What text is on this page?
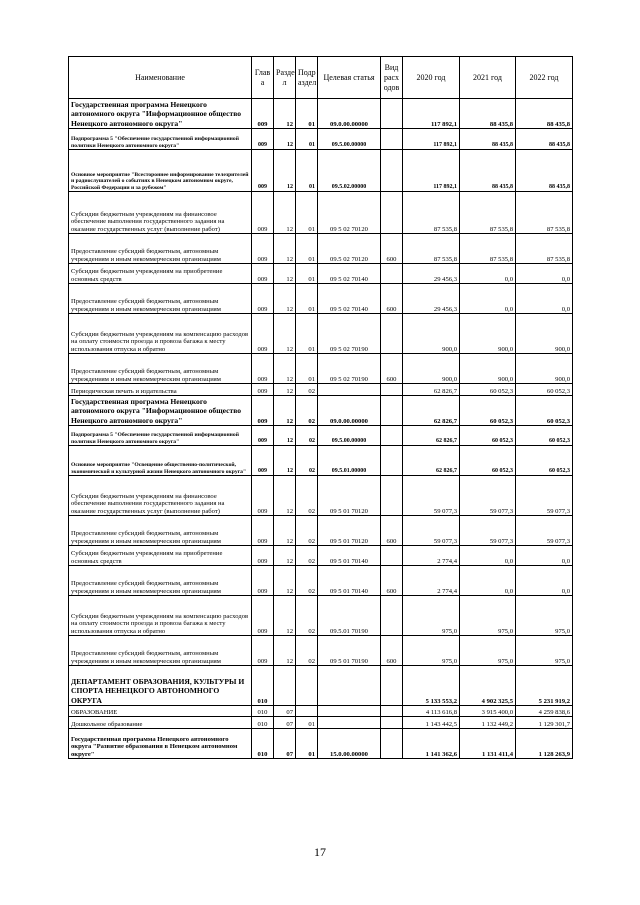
Наименование	Глав а	Разде л	Подр аздел	Целевая статья	Вид расх одов	2020 год	2021 год	2022 год
Государственная программа Ненецкого автономного округа "Информационное общество Ненецкого автономного округа"	009	12	01	09.0.00.00000		117 892,1	88 435,8	88 435,8
Подпрограмма 5 "Обеспечение государственной информационной политики Ненецкого автономного округа"	009	12	01	09.5.00.00000		117 892,1	88 435,8	88 435,8
Основное мероприятие "Всестороннее информирование телезрителей и радиослушателей о событиях в Ненецком автономном округе, Российской Федерации и за рубежом"	009	12	01	09.5.02.00000		117 892,1	88 435,8	88 435,8
Субсидии бюджетным учреждениям на финансовое обеспечение выполнения государственного задания на оказание государственных услуг (выполнение работ)	009	12	01	09 5 02 70120		87 535,8	87 535,8	87 535,8
Предоставление субсидий бюджетным, автономным учреждениям и иным некоммерческим организациям	009	12	01	09.5 02 70120	600	87 535,8	87 535,8	87 535,8
Субсидии бюджетным учреждениям на приобретение основных средств	009	12	01	09 5 02 70140		29 456,3	0,0	0,0
Предоставление субсидий бюджетным, автономным учреждениям и иным некоммерческим организациям	009	12	01	09 5 02 70140	600	29 456,3	0,0	0,0
Субсидии бюджетным учреждениям на компенсацию расходов на оплату стоимости проезда и провоза багажа к месту использования отпуска и обратно	009	12	01	09 5 02 70190		900,0	900,0	900,0
Предоставление субсидий бюджетным, автономным учреждениям и иным некоммерческим организациям	009	12	01	09 5 02 70190	600	900,0	900,0	900,0
Периодическая печать и издательства	009	12	02			62 826,7	60 052,3	60 052,3
Государственная программа Ненецкого автономного округа "Информационное общество Ненецкого автономного округа"	009	12	02	09.0.00.00000		62 826,7	60 052,3	60 052,3
Подпрограмма 5 "Обеспечение государственной информационной политики Ненецкого автономного округа"	009	12	02	09.5.00.00000		62 826,7	60 052,3	60 052,3
Основное мероприятие "Освещение общественно-политической, экономической и культурной жизни Ненецкого автономного округа"	009	12	02	09.5.01.00000		62 826,7	60 052,3	60 052,3
Субсидии бюджетным учреждениям на финансовое обеспечение выполнения государственного задания на оказание государственных услуг (выполнение работ)	009	12	02	09 5 01 70120		59 077,3	59 077,3	59 077,3
Предоставление субсидий бюджетным, автономным учреждениям и иным некоммерческим организациям	009	12	02	09 5 01 70120	600	59 077,3	59 077,3	59 077,3
Субсидии бюджетным учреждениям на приобретение основных средств	009	12	02	09 5 01 70140		2 774,4	0,0	0,0
Предоставление субсидий бюджетным, автономным учреждениям и иным некоммерческим организациям	009	12	02	09 5 01 70140	600	2 774,4	0,0	0,0
Субсидии бюджетным учреждениям на компенсацию расходов на оплату стоимости проезда и провоза багажа к месту использования отпуска и обратно	009	12	02	09.5.01 70190		975,0	975,0	975,0
Предоставление субсидий бюджетным, автономным учреждениям и иным некоммерческим организациям	009	12	02	09 5 01 70190	600	975,0	975,0	975,0
ДЕПАРТАМЕНТ ОБРАЗОВАНИЯ, КУЛЬТУРЫ И СПОРТА НЕНЕЦКОГО АВТОНОМНОГО ОКРУГА	010					5 133 553,2	4 902 325,5	5 231 919,2
ОБРАЗОВАНИЕ	010	07				4 113 616,8	3 915 400,0	4 259 838,6
Дошкольное образование	010	07	01			1 143 442,5	1 132 449,2	1 129 301,7
Государственная программа Ненецкого автономного округа "Развитие образования в Ненецком автономном округе"	010	07	01	15.0.00.00000		1 141 362,6	1 131 411,4	1 128 263,9
17
